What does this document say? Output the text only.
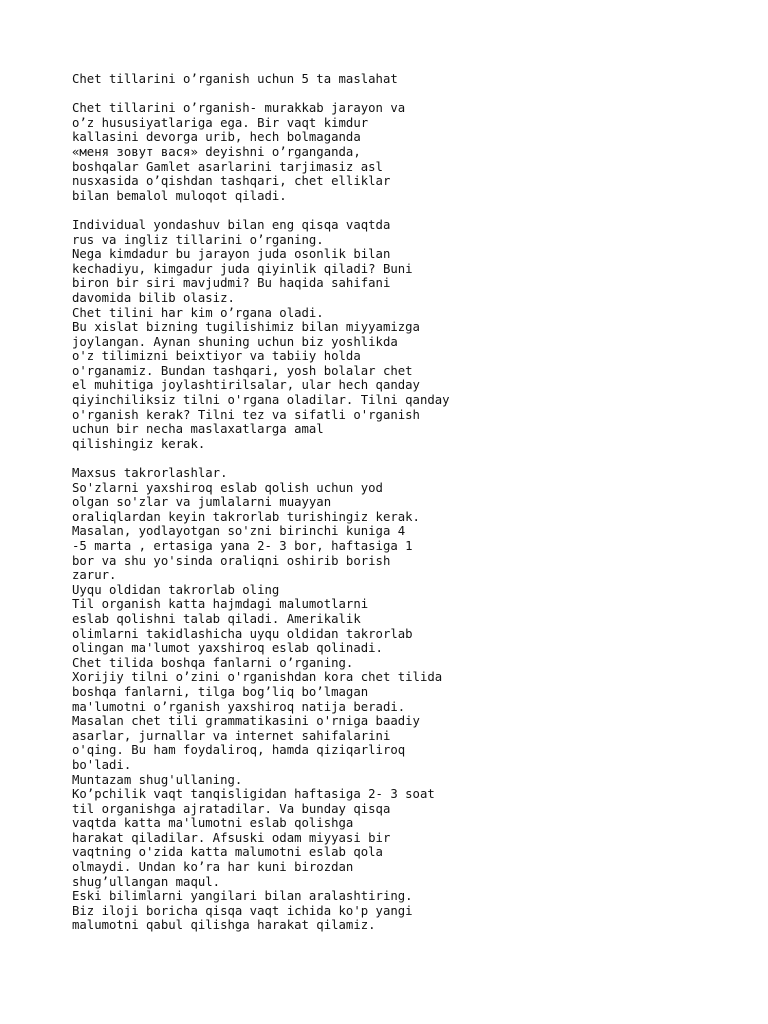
Chet tillarini o’rganish uchun 5 ta maslahat
Chet tillarini o’rganish- murakkab jarayon va
o’z hususiyatlariga ega. Bir vaqt kimdur
kallasini devorga urib, hech bolmaganda
«меня зовут вася» deyishni o’rganganda,
boshqalar Gamlet asarlarini tarjimasiz asl
nusxasida o’qishdan tashqari, chet elliklar
bilan bemalol muloqot qiladi.
Individual yondashuv bilan eng qisqa vaqtda
rus va ingliz tillarini o’rganing.
Nega kimdadur bu jarayon juda osonlik bilan
kechadiyu, kimgadur juda qiyinlik qiladi? Buni
biron bir siri mavjudmi? Bu haqida sahifani
davomida bilib olasiz.
Chet tilini har kim o’rgana oladi.
Bu xislat bizning tugilishimiz bilan miyyamizga
joylangan. Aynan shuning uchun biz yoshlikda
o'z tilimizni beixtiyor va tabiiy holda
o'rganamiz. Bundan tashqari, yosh bolalar chet
el muhitiga joylashtirilsalar, ular hech qanday
qiyinchiliksiz tilni o'rgana oladilar. Tilni qanday
o'rganish kerak? Tilni tez va sifatli o'rganish
uchun bir necha maslaxatlarga amal
qilishingiz kerak.
Maxsus takrorlashlar.
So'zlarni yaxshiroq eslab qolish uchun yod
olgan so'zlar va jumlalarni muayyan
oraliqlardan keyin takrorlab turishingiz kerak.
Masalan, yodlayotgan so'zni birinchi kuniga 4
-5 marta , ertasiga yana 2- 3 bor, haftasiga 1
bor va shu yo'sinda oraliqni oshirib borish
zarur.
Uyqu oldidan takrorlab oling
Til organish katta hajmdagi malumotlarni
eslab qolishni talab qiladi. Amerikalik
olimlarni takidlashicha uyqu oldidan takrorlab
olingan ma'lumot yaxshiroq eslab qolinadi.
Chet tilida boshqa fanlarni o’rganing.
Xorijiy tilni o’zini o'rganishdan kora chet tilida
boshqa fanlarni, tilga bog’liq bo’lmagan
ma'lumotni o’rganish yaxshiroq natija beradi.
Masalan chet tili grammatikasini o'rniga baadiy
asarlar, jurnallar va internet sahifalarini
o'qing. Bu ham foydaliroq, hamda qiziqarliroq
bo'ladi.
Muntazam shug'ullaning.
Ko’pchilik vaqt tanqisligidan haftasiga 2- 3 soat
til organishga ajratadilar. Va bunday qisqa
vaqtda katta ma'lumotni eslab qolishga
harakat qiladilar. Afsuski odam miyyasi bir
vaqtning o'zida katta malumotni eslab qola
olmaydi. Undan ko’ra har kuni birozdan
shug’ullangan maqul.
Eski bilimlarni yangilari bilan aralashtiring.
Biz iloji boricha qisqa vaqt ichida ko'p yangi
malumotni qabul qilishga harakat qilamiz.
